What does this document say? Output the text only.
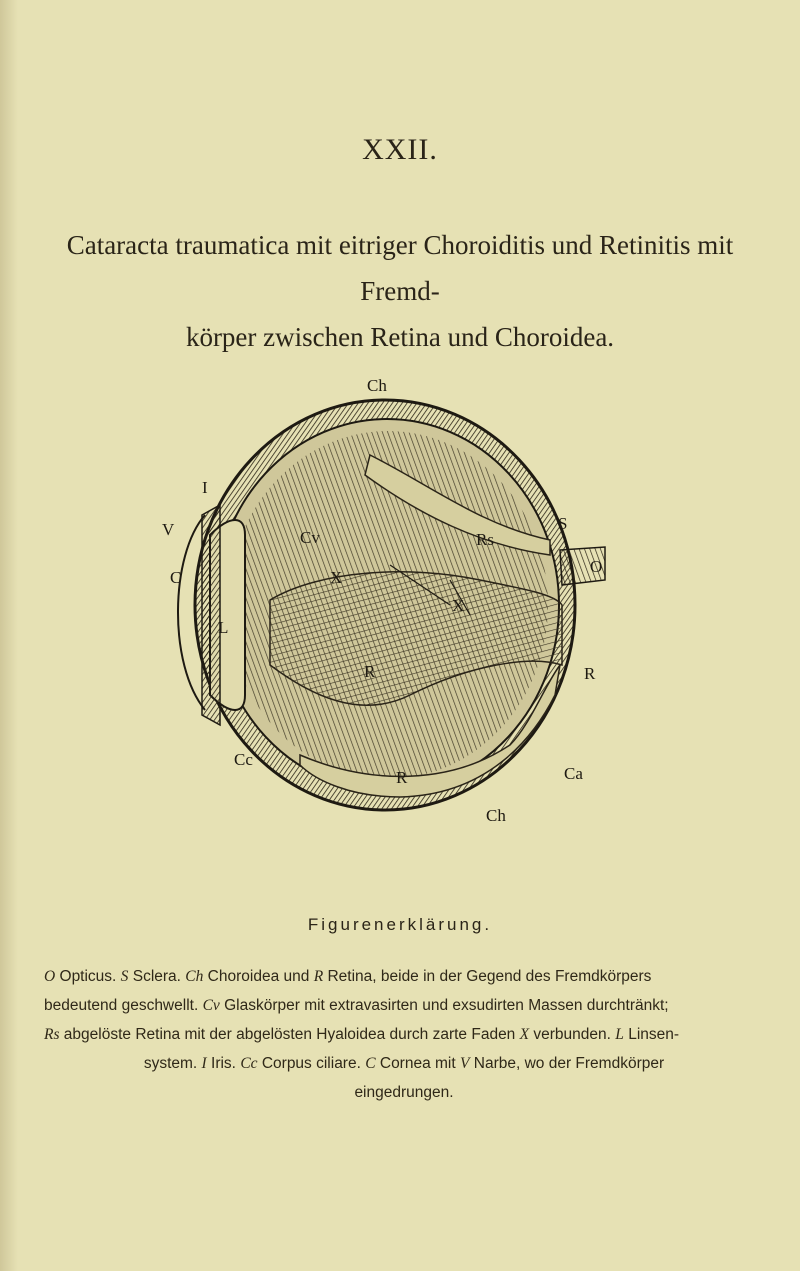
XXII.
Cataracta traumatica mit eitriger Choroiditis und Retinitis mit Fremd-
körper zwischen Retina und Choroidea.
Ch
I
V
C
L
Cv
X
X
Rs
S
O
R
R
R
Cc
Ca
Ch
Figurenerklärung.
O Opticus. S Sclera. Ch Choroidea und R Retina, beide in der Gegend des Fremdkörpers
bedeutend geschwellt. Cv Glaskörper mit extravasirten und exsudirten Massen durchtränkt;
Rs abgelöste Retina mit der abgelösten Hyaloidea durch zarte Faden X verbunden. L Linsen-
system. I Iris. Cc Corpus ciliare. C Cornea mit V Narbe, wo der Fremdkörper
eingedrungen.
